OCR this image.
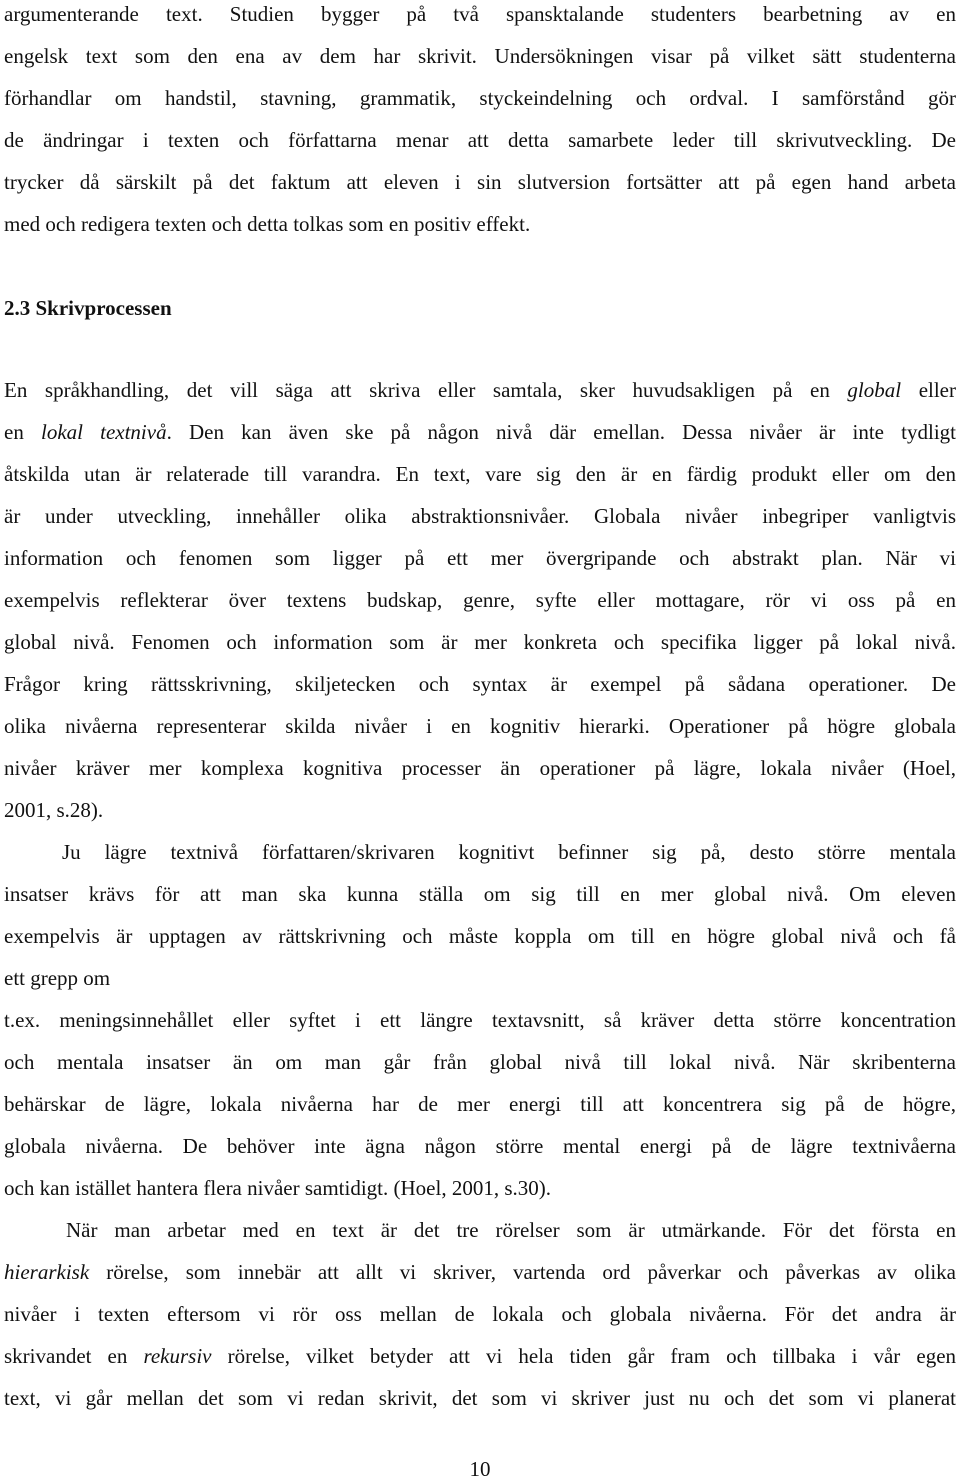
argumenterande text. Studien bygger på två spansktalande studenters bearbetning av en
engelsk text som den ena av dem har skrivit. Undersökningen visar på vilket sätt studenterna
förhandlar om handstil, stavning, grammatik, styckeindelning och ordval. I samförstånd gör
de ändringar i texten och författarna menar att detta samarbete leder till skrivutveckling. De
trycker då särskilt på det faktum att eleven i sin slutversion fortsätter att på egen hand arbeta
med och redigera texten och detta tolkas som en positiv effekt.
2.3 Skrivprocessen
En språkhandling, det vill säga att skriva eller samtala, sker huvudsakligen på en global eller
en lokal textnivå. Den kan även ske på någon nivå där emellan. Dessa nivåer är inte tydligt
åtskilda utan är relaterade till varandra. En text, vare sig den är en färdig produkt eller om den
är under utveckling, innehåller olika abstraktionsnivåer. Globala nivåer inbegriper vanligtvis
information och fenomen som ligger på ett mer övergripande och abstrakt plan. När vi
exempelvis reflekterar över textens budskap, genre, syfte eller mottagare, rör vi oss på en
global nivå. Fenomen och information som är mer konkreta och specifika ligger på lokal nivå.
Frågor kring rättsskrivning, skiljetecken och syntax är exempel på sådana operationer. De
olika nivåerna representerar skilda nivåer i en kognitiv hierarki. Operationer på högre globala
nivåer kräver mer komplexa kognitiva processer än operationer på lägre, lokala nivåer (Hoel,
2001, s.28).
Ju lägre textnivå författaren/skrivaren kognitivt befinner sig på, desto större mentala
insatser krävs för att man ska kunna ställa om sig till en mer global nivå. Om eleven
exempelvis är upptagen av rättskrivning och måste koppla om till en högre global nivå och få
ett grepp om
t.ex. meningsinnehållet eller syftet i ett längre textavsnitt, så kräver detta större koncentration
och mentala insatser än om man går från global nivå till lokal nivå. När skribenterna
behärskar de lägre, lokala nivåerna har de mer energi till att koncentrera sig på de högre,
globala nivåerna. De behöver inte ägna någon större mental energi på de lägre textnivåerna
och kan istället hantera flera nivåer samtidigt. (Hoel, 2001, s.30).
När man arbetar med en text är det tre rörelser som är utmärkande. För det första en
hierarkisk rörelse, som innebär att allt vi skriver, vartenda ord påverkar och påverkas av olika
nivåer i texten eftersom vi rör oss mellan de lokala och globala nivåerna. För det andra är
skrivandet en rekursiv rörelse, vilket betyder att vi hela tiden går fram och tillbaka i vår egen
text, vi går mellan det som vi redan skrivit, det som vi skriver just nu och det som vi planerat
10
